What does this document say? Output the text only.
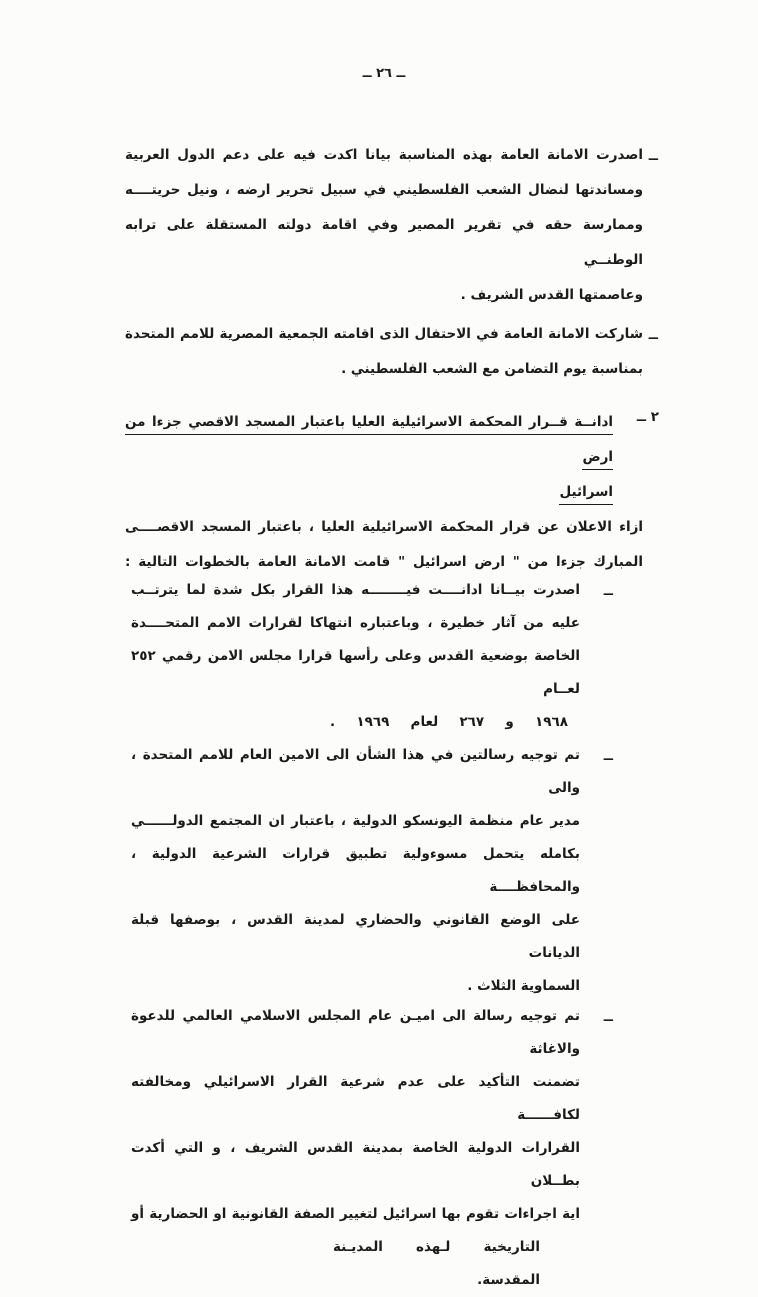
ــ ٢٦ ــ
ــ
اصدرت الامانة العامة بهذه المناسبة بيانا اكدت فيه على دعم الدول العربية
ومساندتها لنضال الشعب الفلسطيني في سبيل تحرير ارضه ، ونيل حريتــــه
وممارسة حقه في تقرير المصير وفي اقامة دولته المستقلة على ترابه الوطنــي
وعاصمتها القدس الشريف .
ــ
شاركت الامانة العامة في الاحتفال الذى اقامته الجمعية المصرية للامم المتحدة
بمناسبة يوم التضامن مع الشعب الفلسطيني .
٢ ــ
ادانــة قــرار المحكمة الاسرائيلية العليا باعتبار المسجد الاقصي جزءا من ارض
اسرائيل
ازاء الاعلان عن قرار المحكمة الاسرائيلية العليا ، باعتبار المسجد الاقصــــى
المبارك جزءا من " ارض اسرائيل " قامت الامانة العامة بالخطوات التالية :
ــ
اصدرت بيــانا ادانــــت فيــــــــه هذا القرار بكل شدة لما يترتــب
عليه من آثار خطيرة ، وباعتباره انتهاكا لقرارات الامم المتحــــدة
الخاصة بوضعية القدس وعلى رأسها قرارا مجلس الامن رقمي ٢٥٢ لعــام
١٩٦٨ و ٢٦٧ لعام ١٩٦٩ .
ــ
تم توجيه رسالتين في هذا الشأن الى الامين العام للامم المتحدة ، والى
مدير عام منظمة اليونسكو الدولية ، باعتبار ان المجتمع الدولــــــي
بكامله يتحمل مسوءولية تطبيق قرارات الشرعية الدولية ، والمحافظــــة
على الوضع القانوني والحضاري لمدينة القدس ، بوصفها قبلة الديانات
السماوية الثلاث .
ــ
تم توجيه رسالة الى اميـن عام المجلس الاسلامي العالمي للدعوة والاغاثة
تضمنت التأكيد على عدم شرعية القرار الاسرائيلي ومخالفته لكافــــــة
القرارات الدولية الخاصة بمدينة القدس الشريف ، و التي أكدت بطــلان
اية اجراءات تقوم بها اسرائيل لتغيير الصفة القانونية او الحضارية أو
التاريخية لـهذه المديـنة المقدسة.
